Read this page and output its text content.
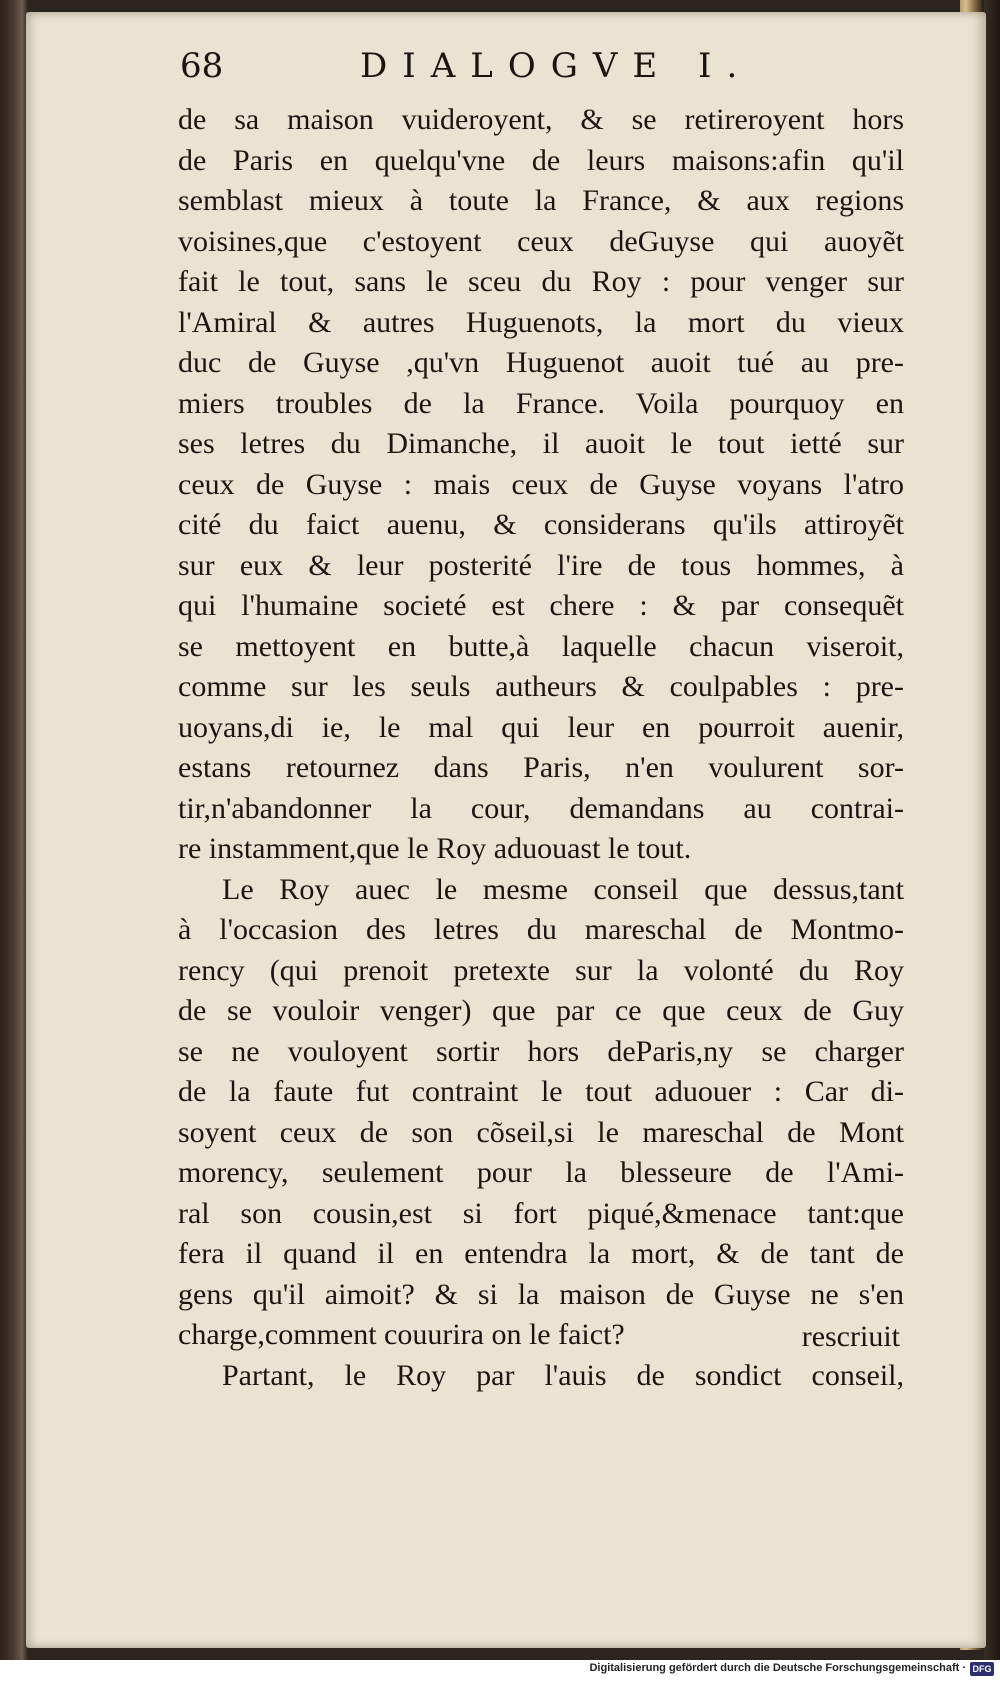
68	DIALOGVE I.
de sa maison vuideroyent, & se retireroyent hors
de Paris en quelqu'vne de leurs maisons:afin qu'il
semblast mieux à toute la France, & aux regions
voisines,que c'estoyent ceux deGuyse qui auoyẽt
fait le tout, sans le sceu du Roy : pour venger sur
l'Amiral & autres Huguenots, la mort du vieux
duc de Guyse ,qu'vn Huguenot auoit tué au pre-
miers troubles de la France. Voila pourquoy en
ses letres du Dimanche, il auoit le tout ietté sur
ceux de Guyse : mais ceux de Guyse voyans l'atro
cité du faict auenu, & considerans qu'ils attiroyẽt
sur eux & leur posterité l'ire de tous hommes, à
qui l'humaine societé est chere : & par consequẽt
se mettoyent en butte,à laquelle chacun viseroit,
comme sur les seuls autheurs & coulpables : pre-
uoyans,di ie, le mal qui leur en pourroit auenir,
estans retournez dans Paris, n'en voulurent sor-
tir,n'abandonner la cour, demandans au contrai-
re instamment,que le Roy aduouast le tout.
Le Roy auec le mesme conseil que dessus,tant
à l'occasion des letres du mareschal de Montmo-
rency (qui prenoit pretexte sur la volonté du Roy
de se vouloir venger) que par ce que ceux de Guy
se ne vouloyent sortir hors deParis,ny se charger
de la faute fut contraint le tout aduouer : Car di-
soyent ceux de son cõseil,si le mareschal de Mont
morency, seulement pour la blesseure de l'Ami-
ral son cousin,est si fort piqué,&menace tant:que
fera il quand il en entendra la mort, & de tant de
gens qu'il aimoit? & si la maison de Guyse ne s'en
charge,comment couurira on le faict?
Partant, le Roy par l'auis de sondict conseil,
rescriuit
Digitalisierung gefördert durch die Deutsche Forschungsgemeinschaft · DFG
